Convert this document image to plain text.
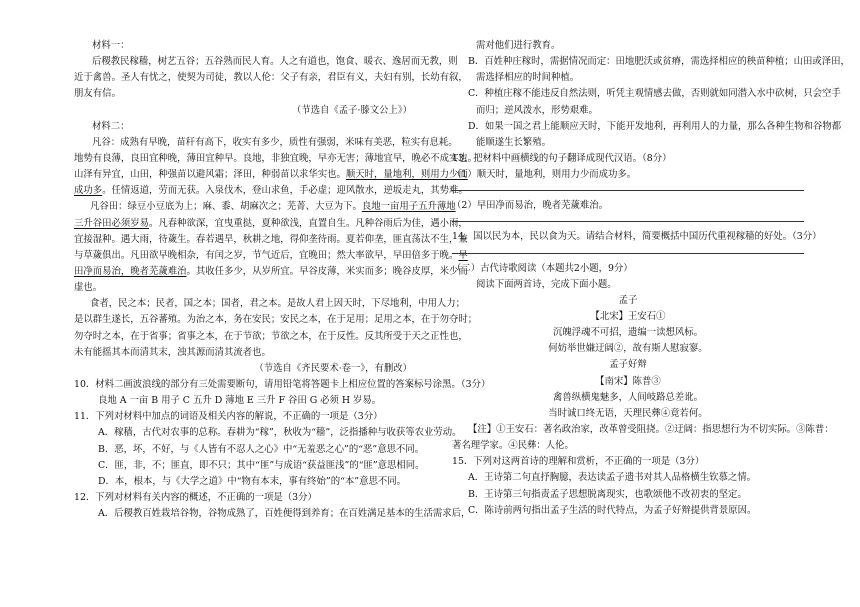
材料一：
后稷教民稼穑，树艺五谷；五谷熟而民人育。人之有道也，饱食、暖衣、逸居而无教，则
近于禽兽。圣人有忧之，使契为司徒，教以人伦：父子有亲，君臣有义，夫妇有别，长幼有叙，
朋友有信。
（节选自《孟子·滕文公上》）
材料二：
凡谷：成熟有早晚，苗秆有高下，收实有多少，质性有强弱，米味有美恶，粒实有息耗。
地势有良薄，良田宜种晚，薄田宜种早。良地，非独宜晚，早亦无害；薄地宜早，晚必不成实也。
山泽有异宜，山田，种强苗以避风霜；泽田，种弱苗以求华实也。顺天时，量地利，则用力少而
成功多。任情返道，劳而无获。入泉伐木，登山求鱼，手必虚；迎风散水，逆坂走丸，其势难。
凡谷田：绿豆小豆底为上；麻、黍、胡麻次之；芜菁、大豆为下。良地一亩用子五升薄地
三升谷田必须岁易。凡春种欲深，宜曳重挞，夏种欲浅，直置自生。凡种谷雨后为佳，遇小雨，
宜接湿种。遇大雨，待薉生。春若遇旱，秋耕之地，得仰垄待雨。夏若仰垄，匪直荡汰不生，兼
与草薉俱出。凡田欲早晚相杂，有闰之岁，节气近后，宜晚田；然大率欲早，早田倍多于晚。早
田净而易治，晚者芜薉难治。其收任多少，从岁所宜。早谷皮薄，米实而多；晚谷皮厚，米少而
虚也。
食者，民之本；民者，国之本；国者，君之本。是故人君上因天时，下尽地利，中用人力；
是以群生遂长，五谷蕃殖。为治之本，务在安民；安民之本，在于足用；足用之本，在于勿夺时；
勿夺时之本，在于省事；省事之本，在于节欲；节欲之本，在于反性。反其所受于天之正性也，
未有能摇其本而清其末，浊其源而清其流者也。
（节选自《齐民要术·卷一》，有删改）
10．材料二画波浪线的部分有三处需要断句，请用铅笔将答题卡上相应位置的答案标号涂黑。（3分）
良地 A 一亩 B 用子 C 五升 D 薄地 E 三升 F 谷田 G 必须 H 岁易。
11．下列对材料中加点的词语及相关内容的解说，不正确的一项是（3分）
A．稼穑，古代对农事的总称。春耕为“稼”，秋收为“穑”，泛指播种与收获等农业劳动。
B．恶，坏，不好，与《人皆有不忍人之心》中“无羞恶之心”的“恶”意思不同。
C．匪，非，不；匪直，即不只；其中“匪”与成语“获益匪浅”的“匪”意思相同。
D．本，根本，与《大学之道》中“物有本末，事有终始”的“本”意思不同。
12．下列对材料有关内容的概述，不正确的一项是（3分）
A．后稷教百姓栽培谷物，谷物成熟了，百姓便得到养育；在百姓满足基本的生活需求后，
需对他们进行教育。
B．百姓种庄稼时，需据情况而定：田地肥沃或贫瘠，需选择相应的秧苗种植；山田或泽田，
需选择相应的时间种植。
C．种植庄稼不能违反自然法则，听凭主观情感去做，否则就如同潜入水中砍树，只会空手
而归；逆风泼水，形势艰难。
D．如果一国之君上能顺应天时，下能开发地利，再利用人的力量，那么各种生物和谷物都
能顺遂生长繁殖。
13．把材料中画横线的句子翻译成现代汉语。（8分）
（1）顺天时，量地利，则用力少而成功多。
（2）早田净而易治，晚者芜薉难治。
14．国以民为本，民以食为天。请结合材料，简要概括中国历代重视稼穑的好处。（3分）
（二）古代诗歌阅读（本题共2小题，9分）
阅读下面两首诗，完成下面小题。
孟子
【北宋】王安石①
沉魄浮魂不可招，遗编一读想风标。
何妨举世嫌迂阔②，故有斯人慰寂寥。
孟子好辩
【南宋】陈普③
禽兽纵横鬼魅多，人间岐路总差讹。
当时诚口终无语，天理民彝④竟若何。
【注】①王安石：著名政治家，改革曾受阻挠。②迂阔：指思想行为不切实际。③陈普：
著名理学家。④民彝：人伦。
15．下列对这两首诗的理解和赏析，不正确的一项是（3分）
A．王诗第二句直抒胸臆，表达读孟子遗书对其人品格横生钦慕之情。
B．王诗第三句指责孟子思想脱离现实，也歌颂他不改初衷的坚定。
C．陈诗前两句指出孟子生活的时代特点，为孟子好辩提供背景原因。
